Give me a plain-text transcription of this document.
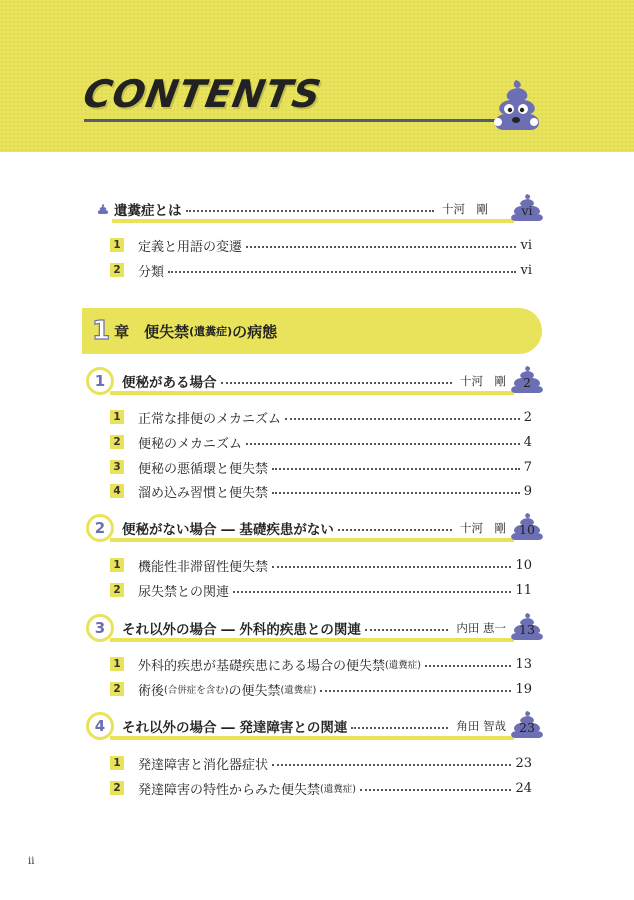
CONTENTS
遺糞症とは	十河　剛	vi
1 定義と用語の変遷	vi
2 分類	vi
1 章　便失禁 (遺糞症) の病態
1	便秘がある場合	十河　剛	2
1 正常な排便のメカニズム	2
2 便秘のメカニズム	4
3 便秘の悪循環と便失禁	7
4 溜め込み習慣と便失禁	9
2	便秘がない場合 ― 基礎疾患がない	十河　剛	10
1 機能性非滞留性便失禁	10
2 尿失禁との関連	11
3	それ以外の場合 ― 外科的疾患との関連	内田 恵一	13
1 外科的疾患が基礎疾患にある場合の便失禁 (遺糞症)	13
2 術後 (合併症を含む) の便失禁 (遺糞症)	19
4	それ以外の場合 ― 発達障害との関連	角田 智哉	23
1 発達障害と消化器症状	23
2 発達障害の特性からみた便失禁 (遺糞症)	24
ii
